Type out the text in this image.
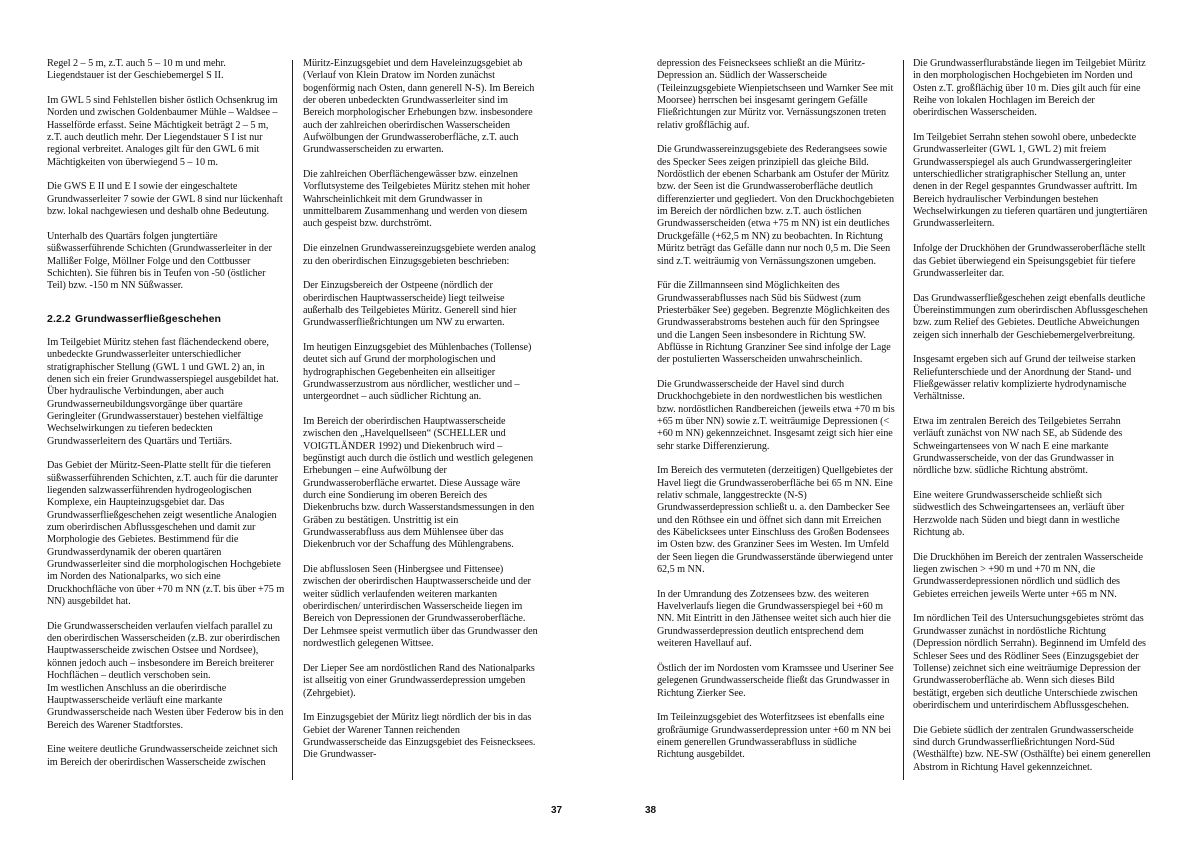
Regel 2 – 5 m, z.T. auch 5 – 10 m und mehr. Liegendstauer ist der Geschiebemergel S II.

Im GWL 5 sind Fehlstellen bisher östlich Ochsenkrug im Norden und zwischen Goldenbaumer Mühle – Waldsee – Hasselförde erfasst. Seine Mächtigkeit beträgt 2 – 5 m, z.T. auch deutlich mehr. Der Liegendstauer S I ist nur regional verbreitet. Analoges gilt für den GWL 6 mit Mächtigkeiten von überwiegend 5 – 10 m.

Die GWS E II und E I sowie der eingeschaltete Grundwasserleiter 7 sowie der GWL 8 sind nur lückenhaft bzw. lokal nachgewiesen und deshalb ohne Bedeutung.

Unterhalb des Quartärs folgen jungtertiäre süßwasserführende Schichten (Grundwasserleiter in der Mallißer Folge, Möllner Folge und den Cottbusser Schichten). Sie führen bis in Teufen von -50 (östlicher Teil) bzw. -150 m NN Süßwasser.

2.2.2 Grundwasserfließgeschehen

Im Teilgebiet Müritz stehen fast flächendeckend obere, unbedeckte Grundwasserleiter unterschiedlicher stratigraphischer Stellung (GWL 1 und GWL 2) an, in denen sich ein freier Grundwasserspiegel ausgebildet hat. Über hydraulische Verbindungen, aber auch Grundwasserneubildungsvorgänge über quartäre Geringleiter (Grundwasserstauer) bestehen vielfältige Wechselwirkungen zu tieferen bedeckten Grundwasserleitern des Quartärs und Tertiärs.

Das Gebiet der Müritz-Seen-Platte stellt für die tieferen süßwasserführenden Schichten, z.T. auch für die darunter liegenden salzwasserführenden hydrogeologischen Komplexe, ein Haupteinzugsgebiet dar. Das Grundwasserfließgeschehen zeigt wesentliche Analogien zum oberirdischen Abflussgeschehen und damit zur Morphologie des Gebietes. Bestimmend für die Grundwasserdynamik der oberen quartären Grundwasserleiter sind die morphologischen Hochgebiete im Norden des Nationalparks, wo sich eine Druckhochfläche von über +70 m NN (z.T. bis über +75 m NN) ausgebildet hat.

Die Grundwasserscheiden verlaufen vielfach parallel zu den oberirdischen Wasserscheiden (z.B. zur oberirdischen Hauptwasserscheide zwischen Ostsee und Nordsee), können jedoch auch – insbesondere im Bereich breiterer Hochflächen – deutlich verschoben sein.

Im westlichen Anschluss an die oberirdische Hauptwasserscheide verläuft eine markante Grundwasserscheide nach Westen über Federow bis in den Bereich des Warener Stadtforstes.

Eine weitere deutliche Grundwasserscheide zeichnet sich im Bereich der oberirdischen Wasserscheide zwischen

Müritz-Einzugsgebiet und dem Haveleinzugsgebiet ab (Verlauf von Klein Dratow im Norden zunächst bogenförmig nach Osten, dann generell N-S). Im Bereich der oberen unbedeckten Grundwasserleiter sind im Bereich morphologischer Erhebungen bzw. insbesondere auch der zahlreichen oberirdischen Wasserscheiden Aufwölbungen der Grundwasseroberfläche, z.T. auch Grundwasserscheiden zu erwarten.

Die zahlreichen Oberflächengewässer bzw. einzelnen Vorflutsysteme des Teilgebietes Müritz stehen mit hoher Wahrscheinlichkeit mit dem Grundwasser in unmittelbarem Zusammenhang und werden von diesem auch gespeist bzw. durchströmt.

Die einzelnen Grundwassereinzugsgebiete werden analog zu den oberirdischen Einzugsgebieten beschrieben:

Der Einzugsbereich der Ostpeene (nördlich der oberirdischen Hauptwasserscheide) liegt teilweise außerhalb des Teilgebietes Müritz. Generell sind hier Grundwasserfließrichtungen um NW zu erwarten.

Im heutigen Einzugsgebiet des Mühlenbaches (Tollense) deutet sich auf Grund der morphologischen und hydrographischen Gegebenheiten ein allseitiger Grundwasserzustrom aus nördlicher, westlicher und – untergeordnet – auch südlicher Richtung an.

Im Bereich der oberirdischen Hauptwasserscheide zwischen den „Havelquellseen“ (SCHELLER und VOIGTLÄNDER 1992) und Diekenbruch wird – begünstigt auch durch die östlich und westlich gelegenen Erhebungen – eine Aufwölbung der Grundwasseroberfläche erwartet. Diese Aussage wäre durch eine Sondierung im oberen Bereich des Diekenbruchs bzw. durch Wasserstandsmessungen in den Gräben zu bestätigen. Unstrittig ist ein Grundwasserabfluss aus dem Mühlensee über das Diekenbruch vor der Schaffung des Mühlengrabens.

Die abflusslosen Seen (Hinbergsee und Fittensee) zwischen der oberirdischen Hauptwasserscheide und der weiter südlich verlaufenden weiteren markanten oberirdischen/ unterirdischen Wasserscheide liegen im Bereich von Depressionen der Grundwasseroberfläche.

Der Lehmsee speist vermutlich über das Grundwasser den nordwestlich gelegenen Wittsee.

Der Lieper See am nordöstlichen Rand des Nationalparks ist allseitig von einer Grundwasserdepression umgeben (Zehrgebiet).

Im Einzugsgebiet der Müritz liegt nördlich der bis in das Gebiet der Warener Tannen reichenden Grundwasserscheide das Einzugsgebiet des Feisnecksees. Die Grundwasser-

37	38

depression des Feisnecksees schließt an die Müritz-Depression an. Südlich der Wasserscheide (Teileinzugsgebiete Wienpietschseen und Warnker See mit Moorsee) herrschen bei insgesamt geringem Gefälle Fließrichtungen zur Müritz vor. Vernässungszonen treten relativ großflächig auf.

Die Grundwassereinzugsgebiete des Rederangsees sowie des Specker Sees zeigen prinzipiell das gleiche Bild. Nordöstlich der ebenen Scharbank am Ostufer der Müritz bzw. der Seen ist die Grundwasseroberfläche deutlich differenzierter und gegliedert. Von den Druckhochgebieten im Bereich der nördlichen bzw. z.T. auch östlichen Grundwasserscheiden (etwa +75 m NN) ist ein deutliches Druckgefälle (+62,5 m NN) zu beobachten. In Richtung Müritz beträgt das Gefälle dann nur noch 0,5 m. Die Seen sind z.T. weiträumig von Vernässungszonen umgeben.

Für die Zillmannseen sind Möglichkeiten des Grundwasserabflusses nach Süd bis Südwest (zum Priesterbäker See) gegeben. Begrenzte Möglichkeiten des Grundwasserabstroms bestehen auch für den Springsee und die Langen Seen insbesondere in Richtung SW. Abflüsse in Richtung Granziner See sind infolge der Lage der postulierten Wasserscheiden unwahrscheinlich.

Die Grundwasserscheide der Havel sind durch Druckhochgebiete in den nordwestlichen bis westlichen bzw. nordöstlichen Randbereichen (jeweils etwa +70 m bis +65 m über NN) sowie z.T. weiträumige Depressionen (< +60 m NN) gekennzeichnet. Insgesamt zeigt sich hier eine sehr starke Differenzierung.

Im Bereich des vermuteten (derzeitigen) Quellgebietes der Havel liegt die Grundwasseroberfläche bei 65 m NN. Eine relativ schmale, langgestreckte (N-S) Grundwasserdepression schließt u. a. den Dambecker See und den Röthsee ein und öffnet sich dann mit Erreichen des Käbelicksees unter Einschluss des Großen Bodensees im Osten bzw. des Granziner Sees im Westen. Im Umfeld der Seen liegen die Grundwasserstände überwiegend unter 62,5 m NN.

In der Umrandung des Zotzensees bzw. des weiteren Havelverlaufs liegen die Grundwasserspiegel bei +60 m NN. Mit Eintritt in den Jäthensee weitet sich auch hier die Grundwasserdepression deutlich entsprechend dem weiteren Havellauf auf.

Östlich der im Nordosten vom Kramssee und Useriner See gelegenen Grundwasserscheide fließt das Grundwasser in Richtung Zierker See.

Im Teileinzugsgebiet des Woterfitzsees ist ebenfalls eine großräumige Grundwasserdepression unter +60 m NN bei einem generellen Grundwasserabfluss in südliche Richtung ausgebildet.

Die Grundwasserflurabstände liegen im Teilgebiet Müritz in den morphologischen Hochgebieten im Norden und Osten z.T. großflächig über 10 m. Dies gilt auch für eine Reihe von lokalen Hochlagen im Bereich der oberirdischen Wasserscheiden.

Im Teilgebiet Serrahn stehen sowohl obere, unbedeckte Grundwasserleiter (GWL 1, GWL 2) mit freiem Grundwasserspiegel als auch Grundwassergeringleiter unterschiedlicher stratigraphischer Stellung an, unter denen in der Regel gespanntes Grundwasser auftritt. Im Bereich hydraulischer Verbindungen bestehen Wechselwirkungen zu tieferen quartären und jungtertiären Grundwasserleitern.

Infolge der Druckhöhen der Grundwasseroberfläche stellt das Gebiet überwiegend ein Speisungsgebiet für tiefere Grundwasserleiter dar.

Das Grundwasserfließgeschehen zeigt ebenfalls deutliche Übereinstimmungen zum oberirdischen Abflussgeschehen bzw. zum Relief des Gebietes. Deutliche Abweichungen zeigen sich innerhalb der Geschiebemergelverbreitung.

Insgesamt ergeben sich auf Grund der teilweise starken Reliefunterschiede und der Anordnung der Stand- und Fließgewässer relativ komplizierte hydrodynamische Verhältnisse.

Etwa im zentralen Bereich des Teilgebietes Serrahn verläuft zunächst von NW nach SE, ab Südende des Schweingartensees von W nach E eine markante Grundwasserscheide, von der das Grundwasser in nördliche bzw. südliche Richtung abströmt.

Eine weitere Grundwasserscheide schließt sich südwestlich des Schweingartensees an, verläuft über Herzwolde nach Süden und biegt dann in westliche Richtung ab.

Die Druckhöhen im Bereich der zentralen Wasserscheide liegen zwischen > +90 m und +70 m NN, die Grundwasserdepressionen nördlich und südlich des Gebietes erreichen jeweils Werte unter +65 m NN.

Im nördlichen Teil des Untersuchungsgebietes strömt das Grundwasser zunächst in nordöstliche Richtung (Depression nördlich Serrahn). Beginnend im Umfeld des Schleser Sees und des Rödliner Sees (Einzugsgebiet der Tollense) zeichnet sich eine weiträumige Depression der Grundwasseroberfläche ab. Wenn sich dieses Bild bestätigt, ergeben sich deutliche Unterschiede zwischen oberirdischem und unterirdischem Abflussgeschehen.

Die Gebiete südlich der zentralen Grundwasserscheide sind durch Grundwasserfließrichtungen Nord-Süd (Westhälfte) bzw. NE-SW (Osthälfte) bei einem generellen Abstrom in Richtung Havel gekennzeichnet.
